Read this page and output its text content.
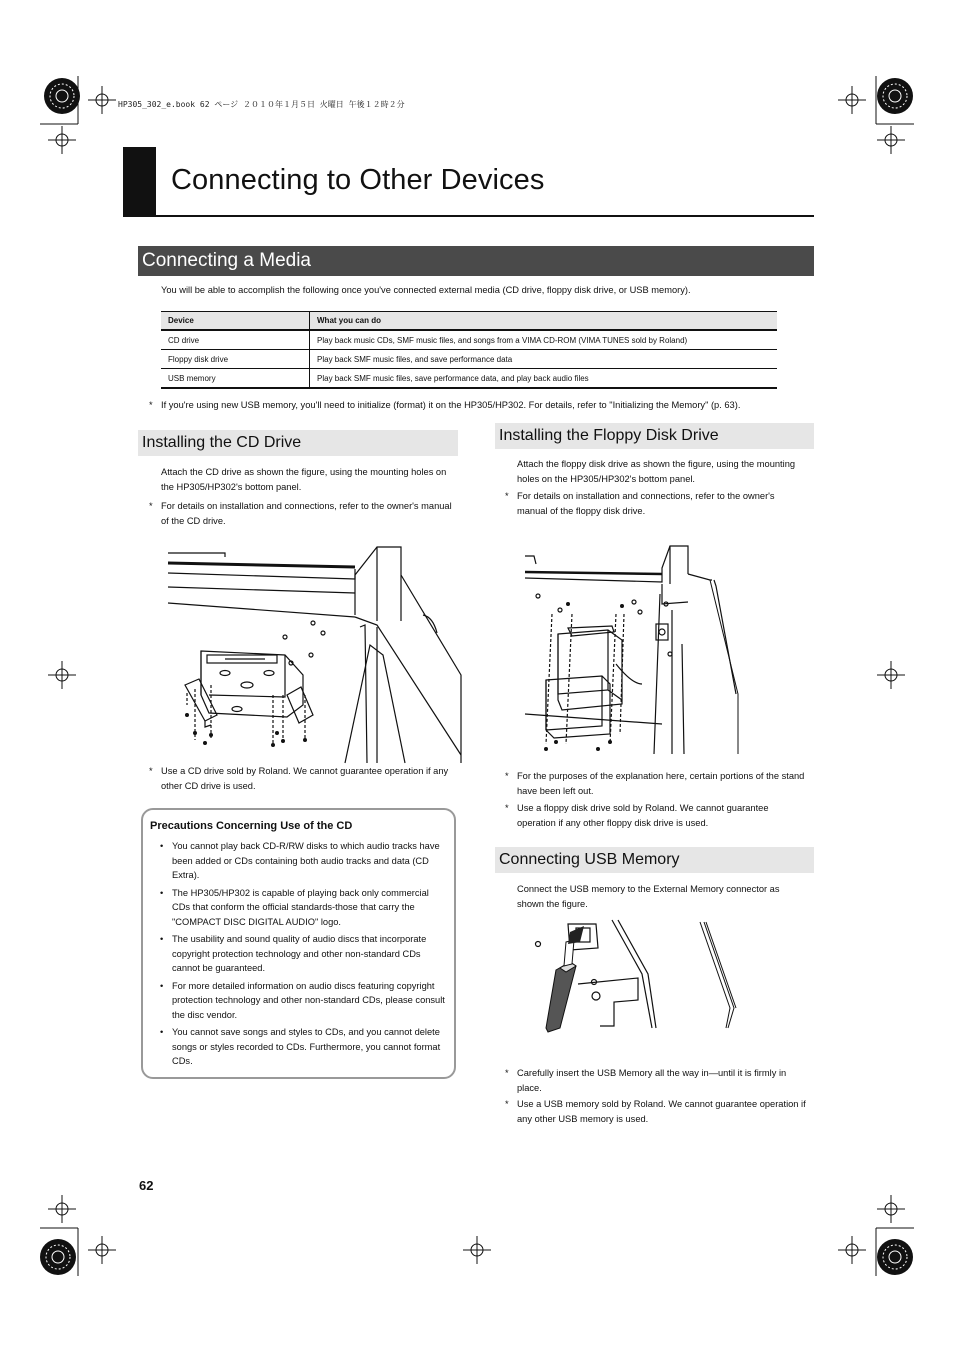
HP305_302_e.book 62 ページ ２０１０年１月５日 火曜日 午後１２時２分
Connecting to Other Devices
Connecting a Media
You will be able to accomplish the following once you've connected external media (CD drive, floppy disk drive, or USB memory).
Device	What you can do
CD drive	Play back music CDs, SMF music files, and songs from a VIMA CD-ROM (VIMA TUNES sold by Roland)
Floppy disk drive	Play back SMF music files, and save performance data
USB memory	Play back SMF music files, save performance data, and play back audio files
* If you're using new USB memory, you'll need to initialize (format) it on the HP305/HP302. For details, refer to "Initializing the Memory" (p. 63).
Installing the CD Drive
Attach the CD drive as shown the figure, using the mounting holes on the HP305/HP302's bottom panel.
* For details on installation and connections, refer to the owner's manual of the CD drive.
* Use a CD drive sold by Roland. We cannot guarantee operation if any other CD drive is used.
Precautions Concerning Use of the CD
• You cannot play back CD-R/RW disks to which audio tracks have been added or CDs containing both audio tracks and data (CD Extra).
• The HP305/HP302 is capable of playing back only commercial CDs that conform the official standards-those that carry the "COMPACT DISC DIGITAL AUDIO" logo.
• The usability and sound quality of audio discs that incorporate copyright protection technology and other non-standard CDs cannot be guaranteed.
• For more detailed information on audio discs featuring copyright protection technology and other non-standard CDs, please consult the disc vendor.
• You cannot save songs and styles to CDs, and you cannot delete songs or styles recorded to CDs. Furthermore, you cannot format CDs.
Installing the Floppy Disk Drive
Attach the floppy disk drive as shown the figure, using the mounting holes on the HP305/HP302's bottom panel.
* For details on installation and connections, refer to the owner's manual of the floppy disk drive.
* For the purposes of the explanation here, certain portions of the stand have been left out.
* Use a floppy disk drive sold by Roland. We cannot guarantee operation if any other floppy disk drive is used.
Connecting USB Memory
Connect the USB memory to the External Memory connector as shown the figure.
* Carefully insert the USB Memory all the way in—until it is firmly in place.
* Use a USB memory sold by Roland. We cannot guarantee operation if any other USB memory is used.
62
